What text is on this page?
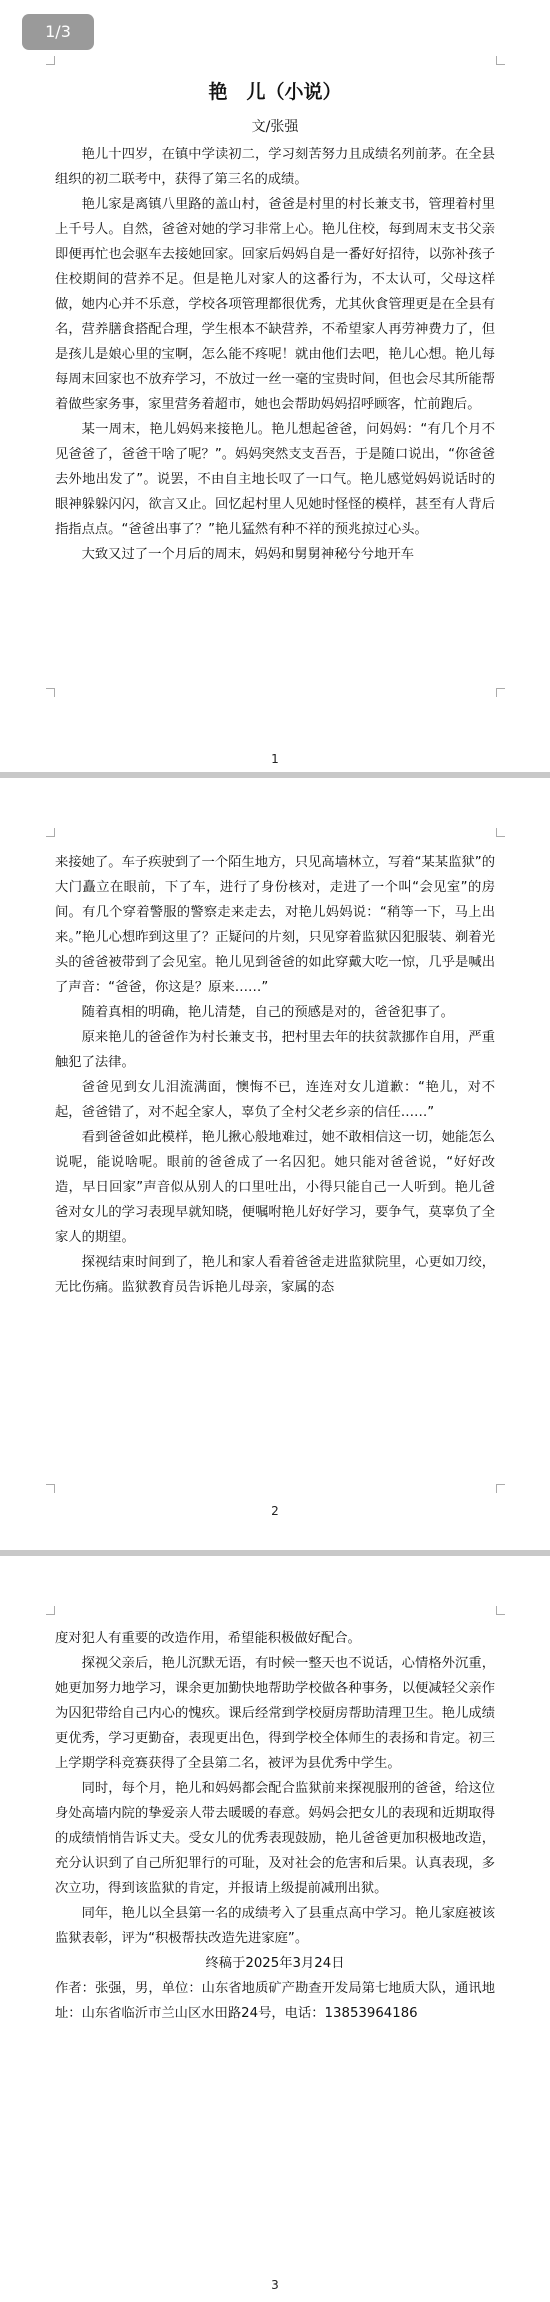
艳　儿（小说）

文/张强

艳儿十四岁，在镇中学读初二，学习刻苦努力且成绩名列前茅。在全县组织的初二联考中，获得了第三名的成绩。

艳儿家是离镇八里路的盖山村，爸爸是村里的村长兼支书，管理着村里上千号人。自然，爸爸对她的学习非常上心。艳儿住校，每到周末支书父亲即便再忙也会驱车去接她回家。回家后妈妈自是一番好好招待，以弥补孩子住校期间的营养不足。但是艳儿对家人的这番行为，不太认可，父母这样做，她内心并不乐意，学校各项管理都很优秀，尤其伙食管理更是在全县有名，营养膳食搭配合理，学生根本不缺营养，不希望家人再劳神费力了，但是孩儿是娘心里的宝啊，怎么能不疼呢！就由他们去吧，艳儿心想。艳儿每每周末回家也不放弃学习，不放过一丝一毫的宝贵时间，但也会尽其所能帮着做些家务事，家里营务着超市，她也会帮助妈妈招呼顾客，忙前跑后。

某一周末，艳儿妈妈来接艳儿。艳儿想起爸爸，问妈妈：“有几个月不见爸爸了，爸爸干啥了呢？”。妈妈突然支支吾吾，于是随口说出，“你爸爸去外地出发了”。说罢，不由自主地长叹了一口气。艳儿感觉妈妈说话时的眼神躲躲闪闪，欲言又止。回忆起村里人见她时怪怪的模样，甚至有人背后指指点点。“爸爸出事了？”艳儿猛然有种不祥的预兆掠过心头。

大致又过了一个月后的周末，妈妈和舅舅神秘兮兮地开车

1

来接她了。车子疾驶到了一个陌生地方，只见高墙林立，写着“某某监狱”的大门矗立在眼前，下了车，进行了身份核对，走进了一个叫“会见室”的房间。有几个穿着警服的警察走来走去，对艳儿妈妈说：“稍等一下，马上出来。”艳儿心想昨到这里了？正疑问的片刻，只见穿着监狱囚犯服装、剃着光头的爸爸被带到了会见室。艳儿见到爸爸的如此穿戴大吃一惊，几乎是喊出了声音：“爸爸，你这是？原来……”

随着真相的明确，艳儿清楚，自己的预感是对的，爸爸犯事了。

原来艳儿的爸爸作为村长兼支书，把村里去年的扶贫款挪作自用，严重触犯了法律。

爸爸见到女儿泪流满面，懊悔不已，连连对女儿道歉：“艳儿，对不起，爸爸错了，对不起全家人，辜负了全村父老乡亲的信任……”

看到爸爸如此模样，艳儿揪心般地难过，她不敢相信这一切，她能怎么说呢，能说啥呢。眼前的爸爸成了一名囚犯。她只能对爸爸说，“好好改造，早日回家”声音似从别人的口里吐出，小得只能自己一人听到。艳儿爸爸对女儿的学习表现早就知晓，便嘱咐艳儿好好学习，要争气，莫辜负了全家人的期望。

探视结束时间到了，艳儿和家人看着爸爸走进监狱院里，心更如刀绞，无比伤痛。监狱教育员告诉艳儿母亲，家属的态

2

度对犯人有重要的改造作用，希望能积极做好配合。

探视父亲后，艳儿沉默无语，有时候一整天也不说话，心情格外沉重，她更加努力地学习，课余更加勤快地帮助学校做各种事务，以便减轻父亲作为囚犯带给自己内心的愧疚。课后经常到学校厨房帮助清理卫生。艳儿成绩更优秀，学习更勤奋，表现更出色，得到学校全体师生的表扬和肯定。初三上学期学科竞赛获得了全县第二名，被评为县优秀中学生。

同时，每个月，艳儿和妈妈都会配合监狱前来探视服刑的爸爸，给这位身处高墙内院的挚爱亲人带去暖暖的春意。妈妈会把女儿的表现和近期取得的成绩悄悄告诉丈夫。受女儿的优秀表现鼓励，艳儿爸爸更加积极地改造，充分认识到了自己所犯罪行的可耻，及对社会的危害和后果。认真表现，多次立功，得到该监狱的肯定，并报请上级提前减刑出狱。

同年，艳儿以全县第一名的成绩考入了县重点高中学习。艳儿家庭被该监狱表彰，评为“积极帮扶改造先进家庭”。

终稿于2025年3月24日

作者：张强，男，单位：山东省地质矿产勘查开发局第七地质大队，通讯地址：山东省临沂市兰山区水田路24号，电话：13853964186

3
1/3
